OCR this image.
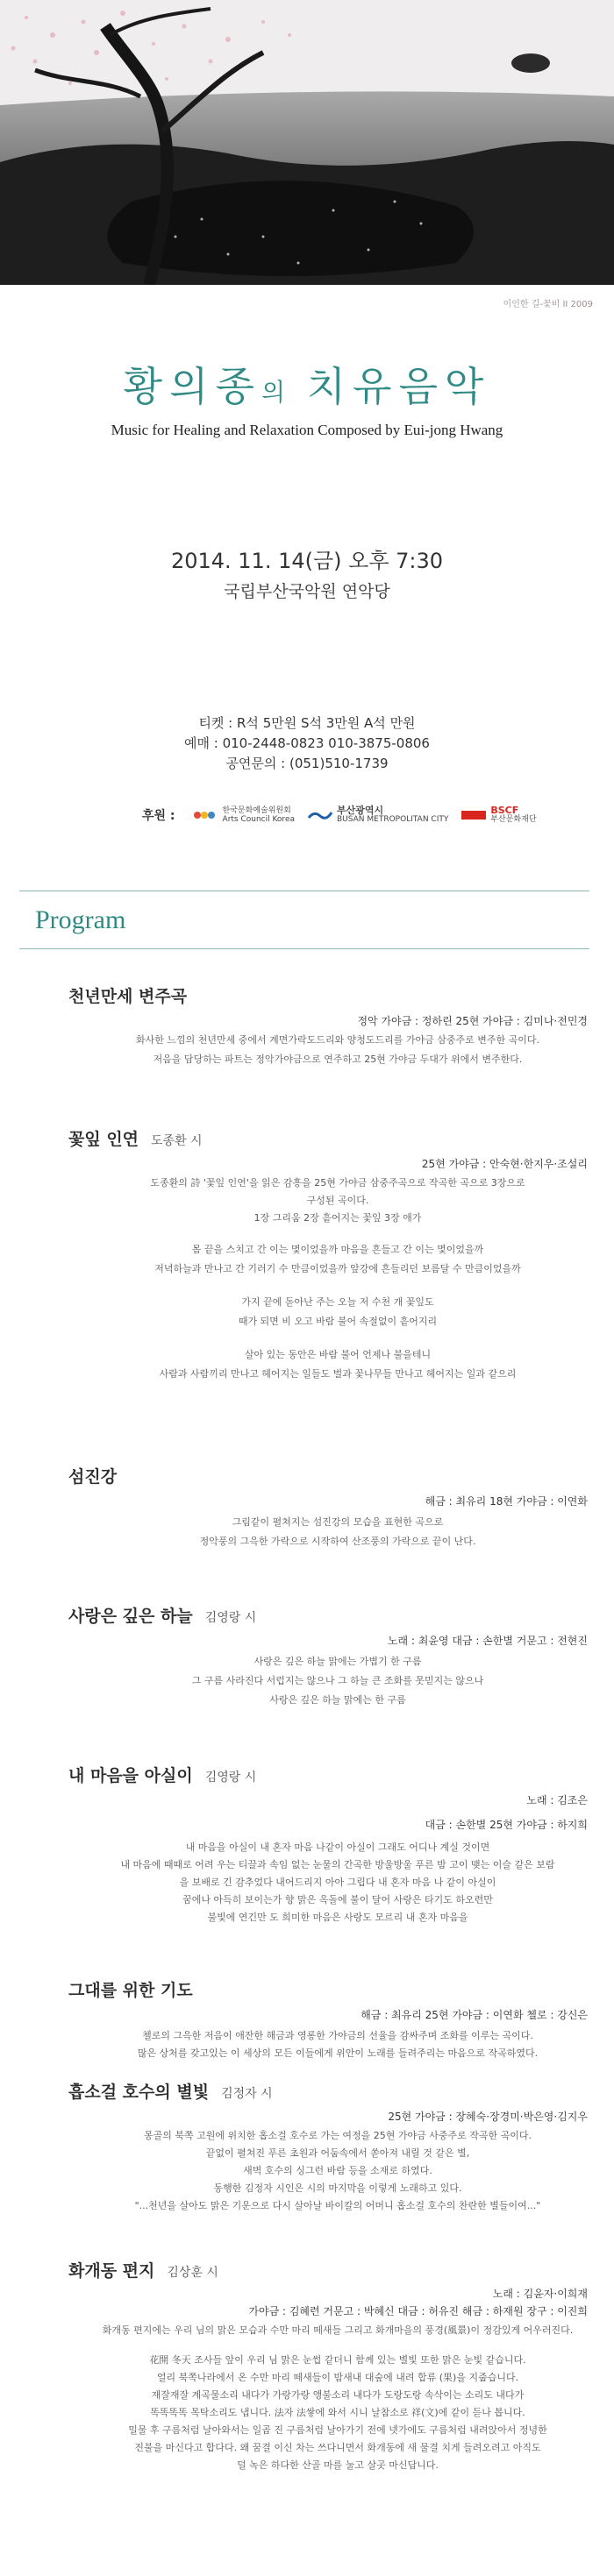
이인한 길-꽃비 II 2009
황의종의 치유음악
Music for Healing and Relaxation Composed by Eui-jong Hwang
2014. 11. 14(금) 오후 7:30
국립부산국악원 연악당
티켓 : R석 5만원 S석 3만원 A석 만원
예매 : 010-2448-0823 010-3875-0806
공연문의 : (051)510-1739
후원 :	한국문화예술위원회
Arts Council Korea
부산광역시
BUSAN METROPOLITAN CITY
BSCF
부산문화재단
Program
천년만세 변주곡
정악 가야금 : 정하린 25현 가야금 : 김미나·전민경
화사한 느낌의 천년만세 중에서 계면가락도드리와 양청도드리를 가야금 삼중주로 변주한 곡이다.
저음을 담당하는 파트는 정악가야금으로 연주하고 25현 가야금 두대가 위에서 변주한다.
꽃잎 인연 도종환 시
25현 가야금 : 안숙현·한지우·조설리
도종환의 詩 '꽃잎 인연'을 읽은 감흥을 25현 가야금 삼중주곡으로 작곡한 곡으로 3장으로
구성된 곡이다.
1장 그리움 2장 흩어지는 꽃잎 3장 애가
몸 끝을 스치고 간 이는 몇이었을까 마음을 흔들고 간 이는 몇이었을까
저녁하늘과 만나고 간 기러기 수 만큼이었을까 앞강에 흔들리던 보름달 수 만큼이었을까
가지 끝에 돋아난 주는 오늘 저 수천 개 꽃잎도
때가 되면 비 오고 바람 불어 속절없이 흩어지리
살아 있는 동안은 바람 불어 언제나 불을테니
사람과 사람끼리 만나고 헤어지는 일들도 벌과 꽃나무들 만나고 헤어지는 일과 같으리
섬진강
해금 : 최유리 18현 가야금 : 이연화
그림같이 펼쳐지는 섬진강의 모습을 표현한 곡으로
정악풍의 그윽한 가락으로 시작하여 산조풍의 가락으로 끝이 난다.
사랑은 깊은 하늘 김영랑 시
노래 : 최윤영 대금 : 손한별 거문고 : 전현진
사랑은 깊은 하늘 맑에는 가볍기 한 구름
그 구름 사라진다 서럽지는 않으나 그 하늘 큰 조화를 못믿지는 않으나
사랑은 깊은 하늘 맑에는 한 구름
내 마음을 아실이 김영랑 시
노래 : 김조은
대금 : 손한별 25현 가야금 : 하지희
내 마음을 아실이 내 혼자 마음 나같이 아실이 그래도 어디나 계실 것이면
내 마음에 때때로 어려 우는 티끌과 속임 없는 눈물의 간곡한 방울방울 푸른 밤 고이 맺는 이슬 같은 보람
을 보배로 긴 감추었다 내어드리지 아아 그립다 내 혼자 마음 나 같이 아실이
꿈에나 아득히 보이는가 향 맑은 옥돌에 불이 달어 사랑은 타기도 하오련만
불빛에 연긴만 도 희미한 마음은 사랑도 모르리 내 혼자 마음을
그대를 위한 기도
해금 : 최유리 25현 가야금 : 이연화 첼로 : 강신은
첼로의 그윽한 저음이 애잔한 해금과 영롱한 가야금의 선율을 감싸주며 조화를 이루는 곡이다.
많은 상처를 갖고있는 이 세상의 모든 이들에게 위안이 노래를 들려주리는 마음으로 작곡하였다.
흡소걸 호수의 별빛 김정자 시
25현 가야금 : 장혜숙·장경미·박은영·김지우
몽골의 북쪽 고원에 위치한 홉소걸 호수로 가는 여정을 25현 가야금 사중주로 작곡한 곡이다.
끝없이 펼쳐진 푸른 초원과 어둠속에서 쏟아져 내릴 것 같은 별,
새벽 호수의 싱그런 바람 등을 소재로 하였다.
동행한 김정자 시인은 시의 마지막을 이렇게 노래하고 있다.
"...천년을 살아도 맑은 기운으로 다시 살아날 바이칼의 어머니 홉소걸 호수의 찬란한 별들이여..."
화개동 편지 김상훈 시
노래 : 김윤자·이희재
가야금 : 김혜련 거문고 : 박혜신 대금 : 허유진 해금 : 하재원 장구 : 이진희
화개동 편지에는 우리 님의 맑은 모습과 수만 마리 떼새들 그리고 화개마을의 풍경(風景)이 정감있게 어우러진다.
花開 冬天 조사들 앞이 우리 님 맑은 눈썹 같더니 함께 있는 별빛 또한 맑은 눈빛 같습니다.
얼리 북쪽나라에서 온 수만 마리 떼새들이 밤새내 대숲에 내려 합류 (果)을 지줍습니다.
재잘재잘 계곡물소리 내다가 가랑가랑 앵불소리 내다가 도랑도랑 속삭이는 소리도 내다가
똑똑똑똑 목탁소리도 냅니다. 法자 法쌓에 와서 시니 날참소로 祥(文)에 같이 듣나 봅니다.
밀물 후 구름처럼 날아와서는 일곱 진 구름처럼 날아가기 전에 넷가에도 구름처럼 내려앉아서 정녕한
진불을 마신다고 합다다. 왜 꿈결 이신 차는 쓰다니면서 화개동에 새 물결 치게 들려오려고 아직도
덜 녹은 하다한 산골 마를 눌고 살곳 마신답니다.
